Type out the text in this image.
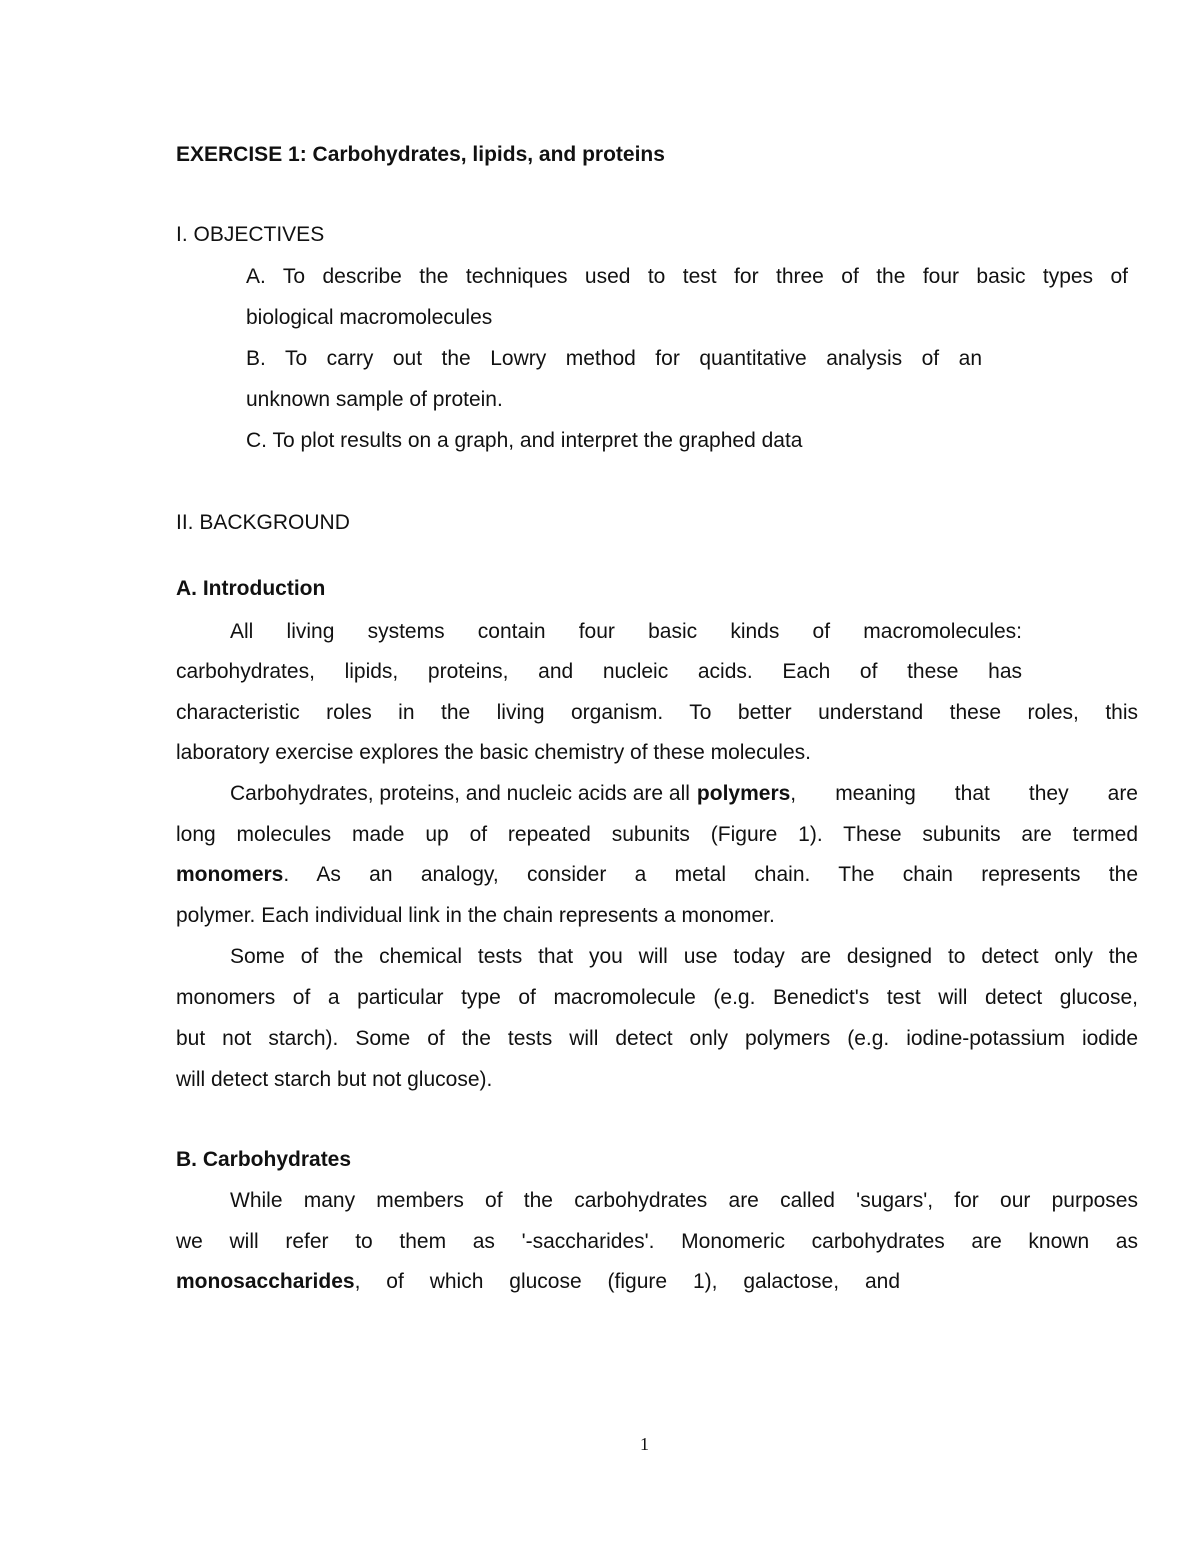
EXERCISE 1: Carbohydrates, lipids, and proteins
I. OBJECTIVES
A. To describe the techniques used to test for three of the four basic types of
biological macromolecules
B. To carry out the Lowry method for quantitative analysis of an
unknown sample of protein.
C. To plot results on a graph, and interpret the graphed data
II. BACKGROUND
A. Introduction
All living systems contain four basic kinds of macromolecules:
carbohydrates, lipids, proteins, and nucleic acids. Each of these has
characteristic roles in the living organism. To better understand these roles, this
laboratory exercise explores the basic chemistry of these molecules.
Carbohydrates, proteins, and nucleic acids are all polymers , meaning that they are
long molecules made up of repeated subunits (Figure 1). These subunits are termed
monomers . As an analogy, consider a metal chain. The chain represents the
polymer. Each individual link in the chain represents a monomer.
Some of the chemical tests that you will use today are designed to detect only the
monomers of a particular type of macromolecule (e.g. Benedict's test will detect glucose,
but not starch). Some of the tests will detect only polymers (e.g. iodine-potassium iodide
will detect starch but not glucose).
B. Carbohydrates
While many members of the carbohydrates are called 'sugars', for our purposes
we will refer to them as '-saccharides'. Monomeric carbohydrates are known as
monosaccharides , of which glucose (figure 1), galactose, and
1
